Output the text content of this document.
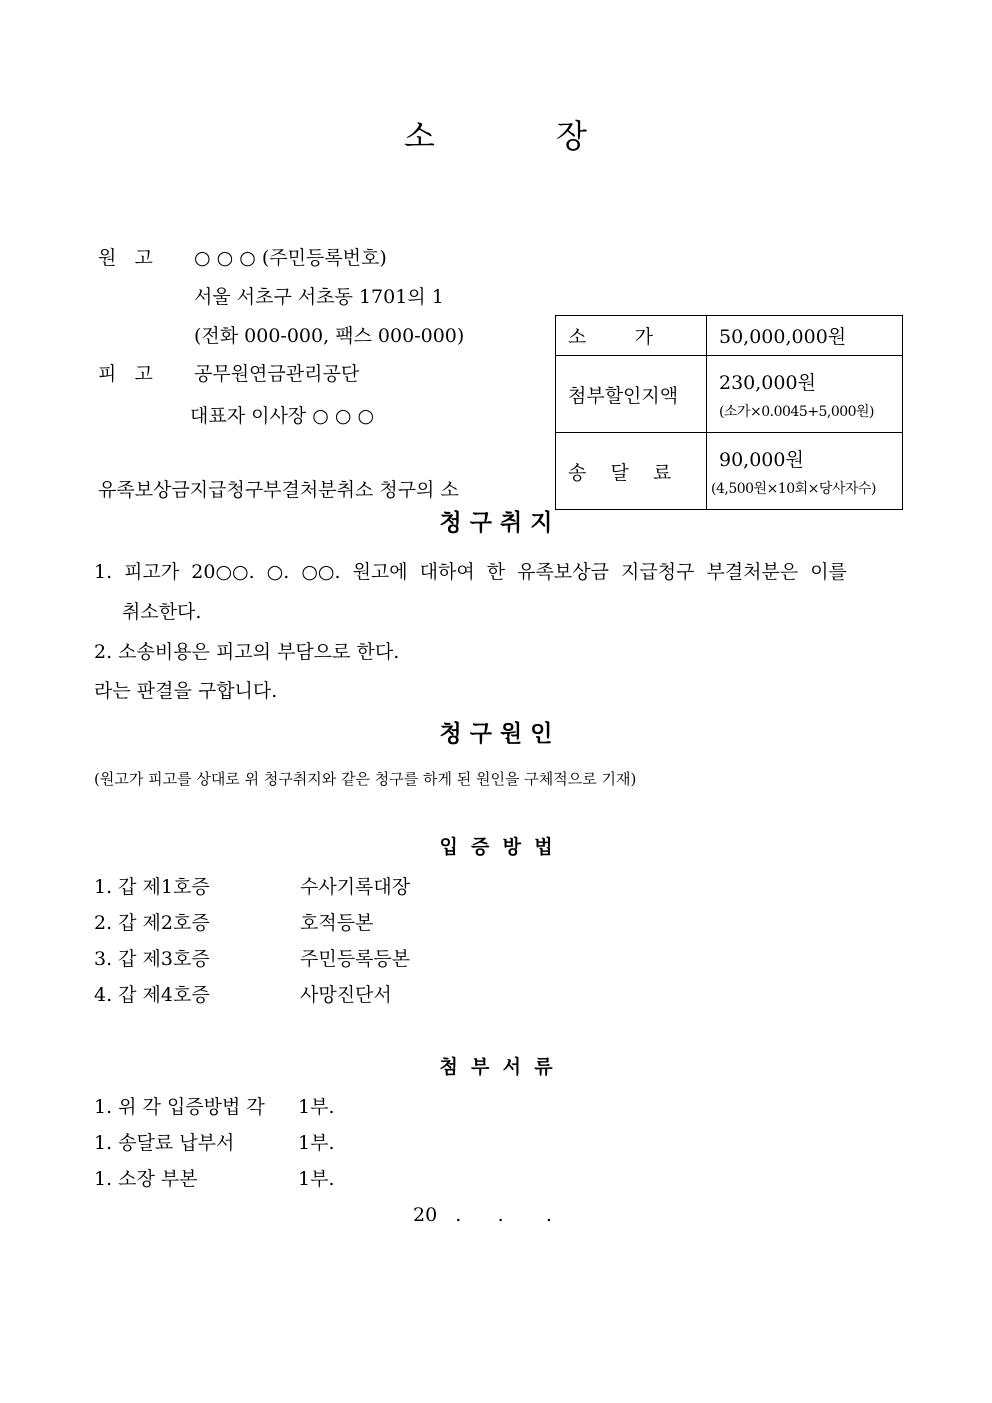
소	장
원   고 ○ ○ ○ (주민등록번호)
서울 서초구 서초동 1701의 1
(전화 000-000, 팩스 000-000)
피   고 공무원연금관리공단
대표자 이사장 ○ ○ ○
소        가	50,000,000원
첨부할인지액	230,000원
(소가×0.0045+5,000원)

송    달    료	90,000원
(4,500원×10회×당사자수)
유족보상금지급청구부결처분취소 청구의 소
청 구 취 지
1. 피고가 20○○. ○. ○○. 원고에 대하여 한 유족보상금 지급청구 부결처분은 이를
취소한다.
2. 소송비용은 피고의 부담으로 한다.
라는 판결을 구합니다.
청 구 원 인
(원고가 피고를 상대로 위 청구취지와 같은 청구를 하게 된 원인을 구체적으로 기재)
입  증  방  법
1. 갑 제1호증	수사기록대장
2. 갑 제2호증	호적등본
3. 갑 제3호증	주민등록등본
4. 갑 제4호증	사망진단서
첨  부  서  류
1. 위 각 입증방법 각 1부.
1. 송달료 납부서	1부.
1. 소장 부본	1부.
20   .      .       .
